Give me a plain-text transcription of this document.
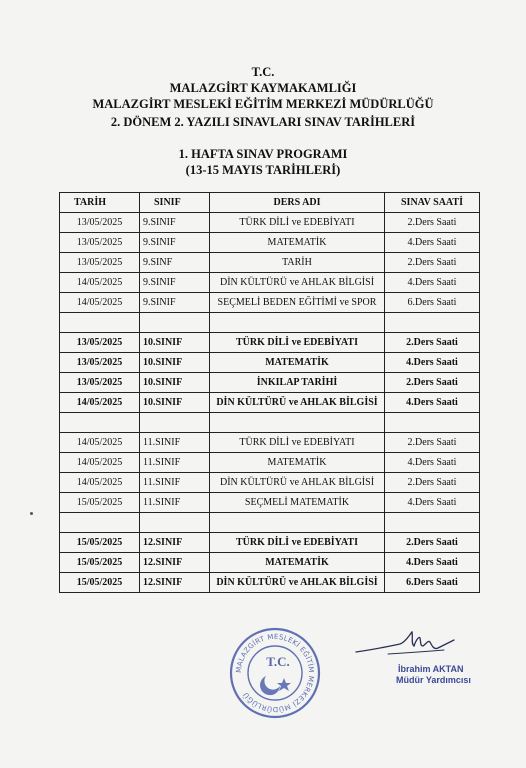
T.C.
MALAZGİRT KAYMAKAMLIĞI
MALAZGİRT MESLEKİ EĞİTİM MERKEZİ MÜDÜRLÜĞÜ
2. DÖNEM 2. YAZILI SINAVLARI SINAV TARİHLERİ
1. HAFTA SINAV PROGRAMI
(13-15 MAYIS TARİHLERİ)
TARİH	SINIF	DERS ADI	SINAV SAATİ
13/05/2025	9.SINIF	TÜRK DİLİ ve EDEBİYATI	2.Ders Saati
13/05/2025	9.SINIF	MATEMATİK	4.Ders Saati
13/05/2025	9.SINF	TARİH	2.Ders Saati
14/05/2025	9.SINIF	DİN KÜLTÜRÜ ve AHLAK BİLGİSİ	4.Ders Saati
14/05/2025	9.SINIF	SEÇMELİ BEDEN EĞİTİMİ ve SPOR	6.Ders Saati

13/05/2025	10.SINIF	TÜRK DİLİ ve EDEBİYATI	2.Ders Saati
13/05/2025	10.SINIF	MATEMATİK	4.Ders Saati
13/05/2025	10.SINIF	İNKILAP TARİHİ	2.Ders Saati
14/05/2025	10.SINIF	DİN KÜLTÜRÜ ve AHLAK BİLGİSİ	4.Ders Saati

14/05/2025	11.SINIF	TÜRK DİLİ ve EDEBİYATI	2.Ders Saati
14/05/2025	11.SINIF	MATEMATİK	4.Ders Saati
14/05/2025	11.SINIF	DİN KÜLTÜRÜ ve AHLAK BİLGİSİ	2.Ders Saati
15/05/2025	11.SINIF	SEÇMELİ MATEMATİK	4.Ders Saati

15/05/2025	12.SINIF	TÜRK DİLİ ve EDEBİYATI	2.Ders Saati
15/05/2025	12.SINIF	MATEMATİK	4.Ders Saati
15/05/2025	12.SINIF	DİN KÜLTÜRÜ ve AHLAK BİLGİSİ	6.Ders Saati
MALAZGİRT MESLEKİ EĞİTİM MERKEZİ MÜDÜRLÜĞÜ
T.C.	İbrahim AKTAN
Müdür Yardımcısı
